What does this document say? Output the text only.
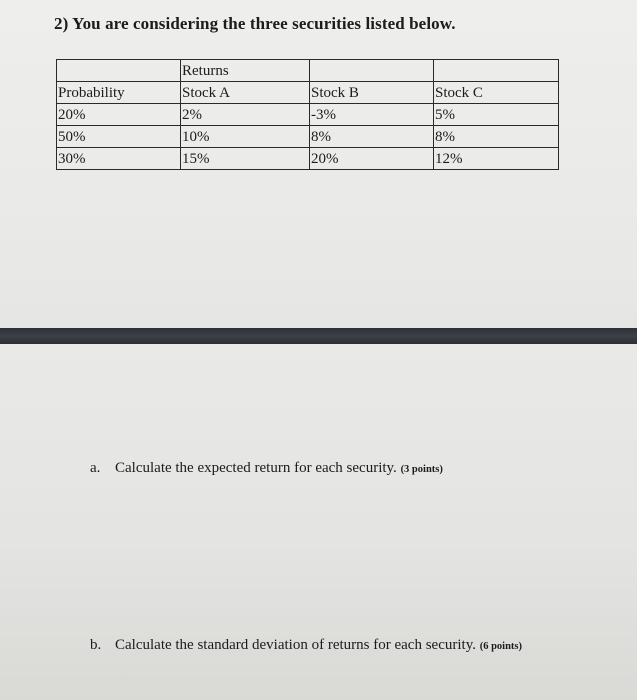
2) You are considering the three securities listed below.
	Returns		
Probability	Stock A	Stock B	Stock C
20%	2%	-3%	5%
50%	10%	8%	8%
30%	15%	20%	12%
a. Calculate the expected return for each security. (3 points)
b. Calculate the standard deviation of returns for each security. (6 points)
